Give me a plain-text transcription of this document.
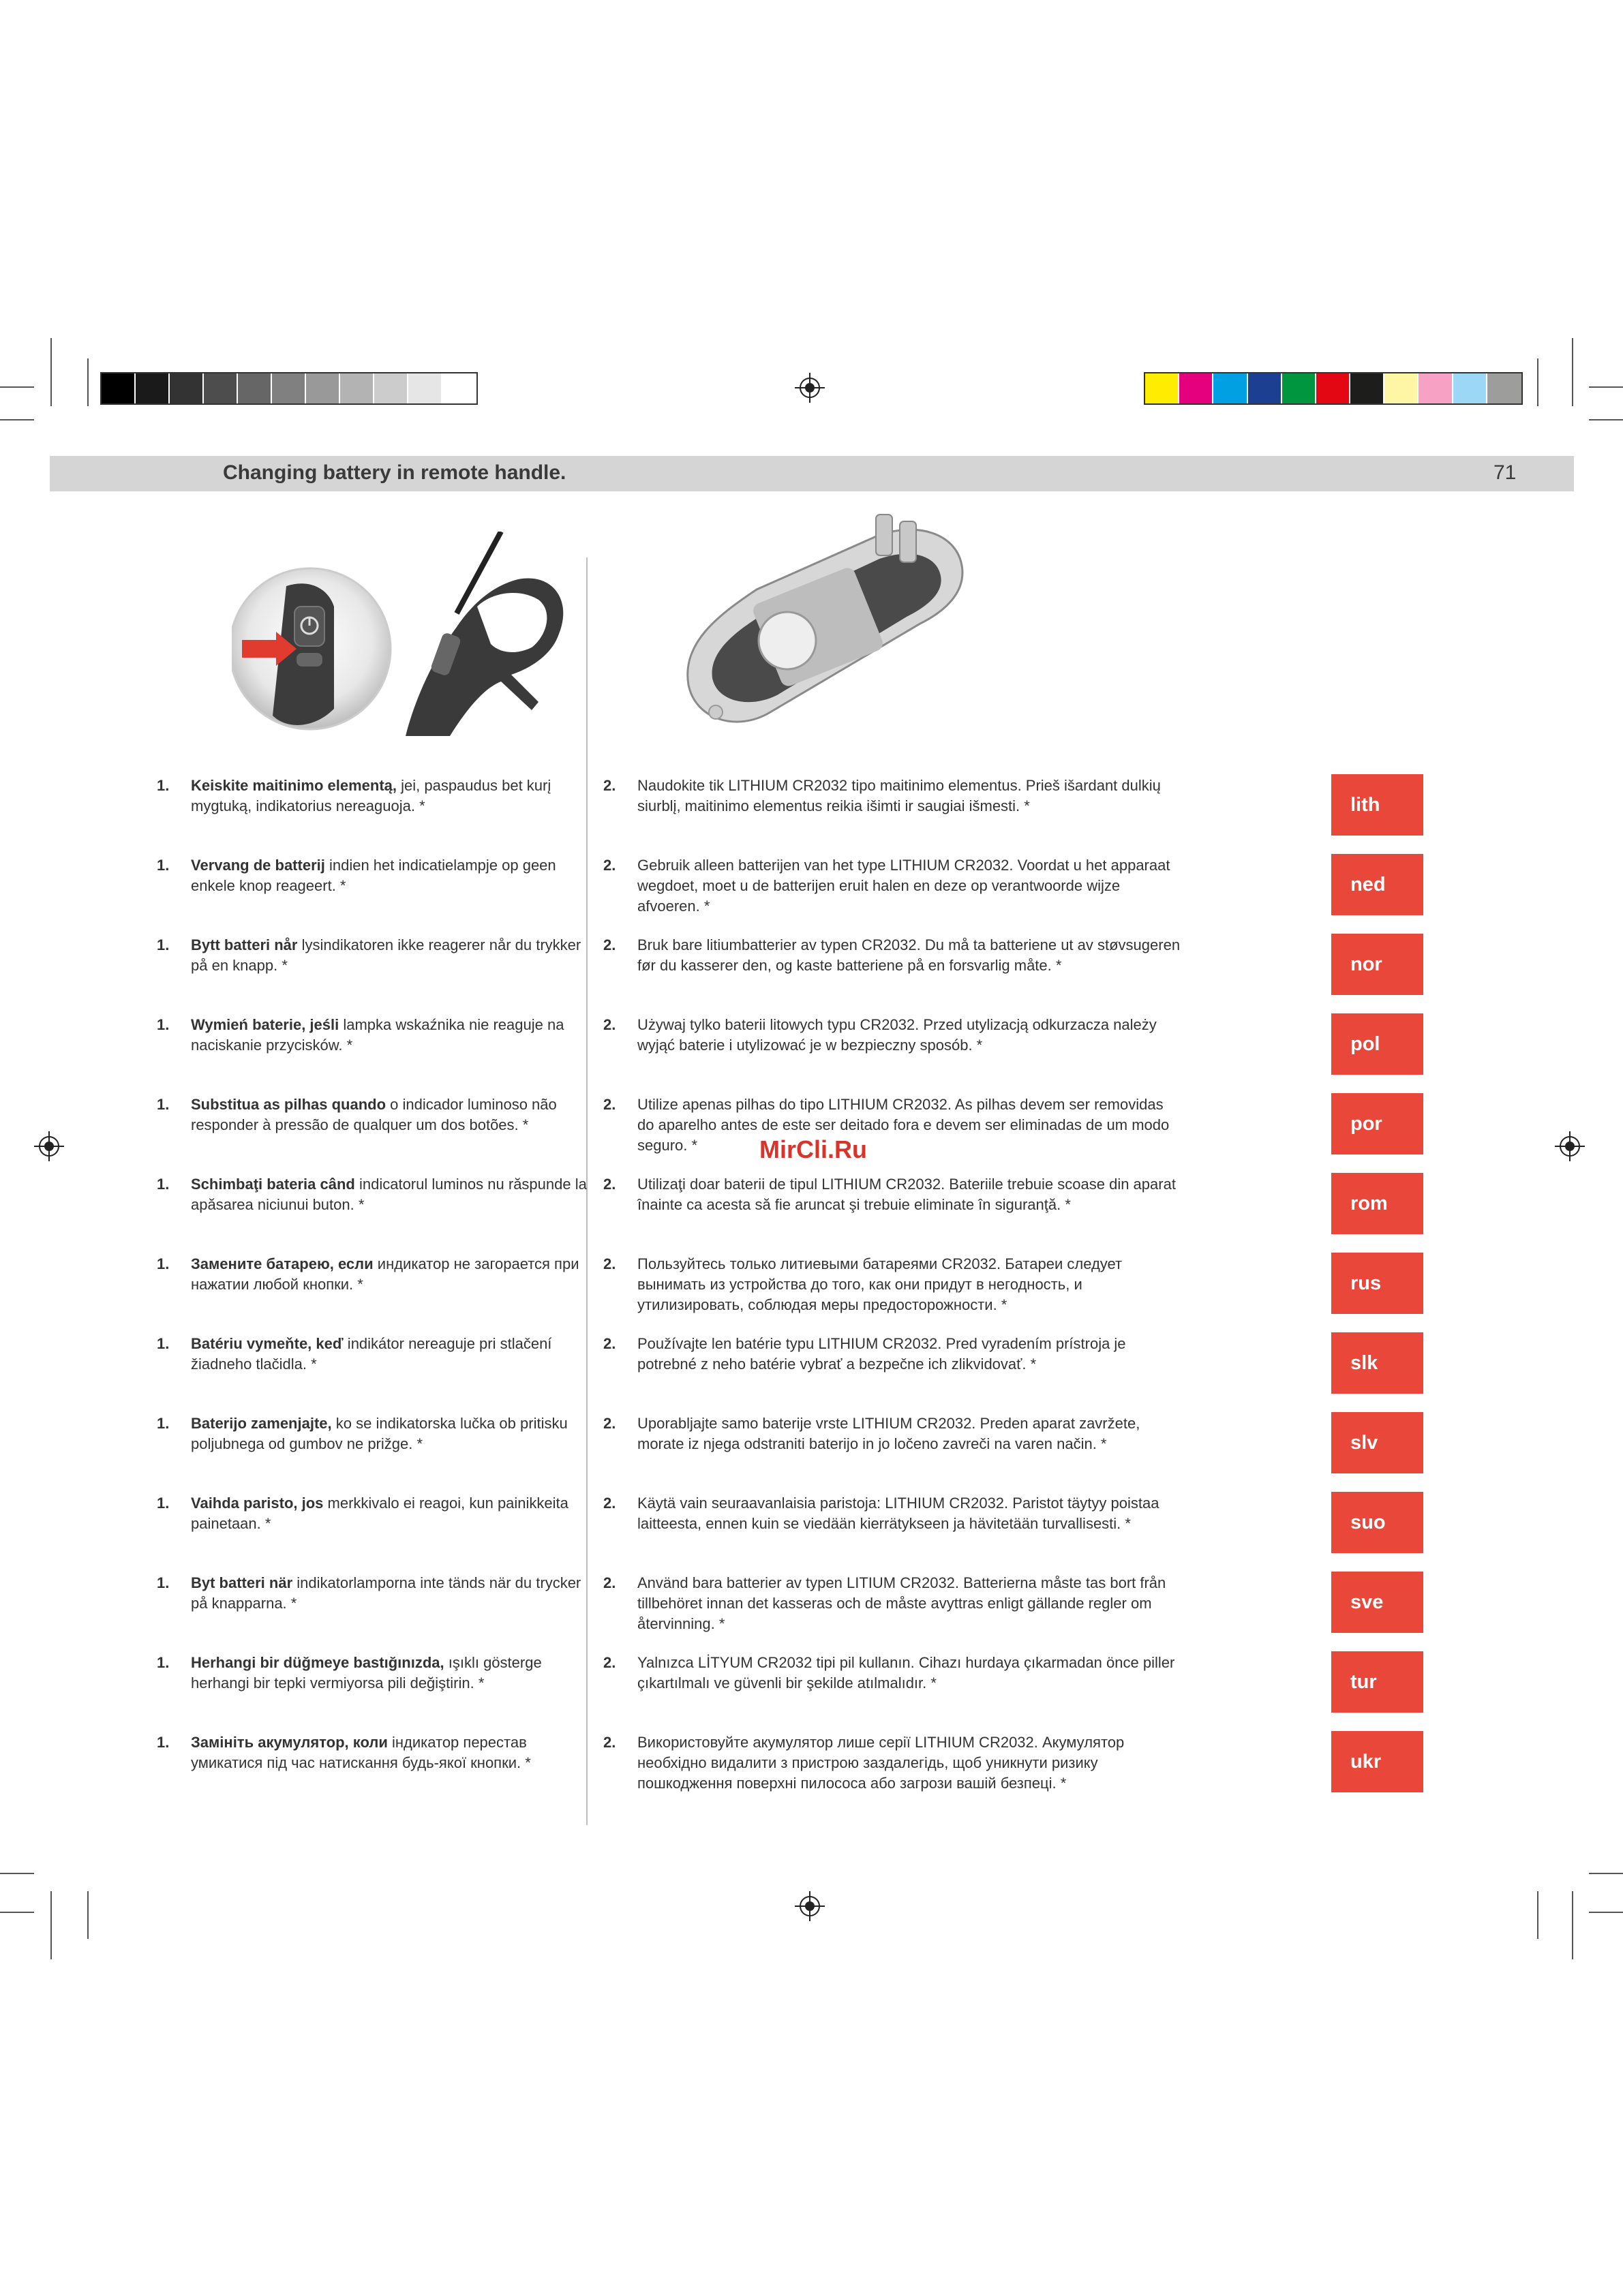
Changing battery in remote handle.	71
MirCli.Ru
1. Keiskite maitinimo elementą, jei, paspaudus bet kurį mygtuką, indikatorius nereaguoja. *
2. Naudokite tik LITHIUM CR2032 tipo maitinimo elementus. Prieš išardant dulkių siurblį, maitinimo elementus reikia išimti ir saugiai išmesti. *	lith
1. Vervang de batterij indien het indicatielampje op geen enkele knop reageert. *
2. Gebruik alleen batterijen van het type LITHIUM CR2032. Voordat u het apparaat wegdoet, moet u de batterijen eruit halen en deze op verantwoorde wijze afvoeren. *
ned
1. Bytt batteri når lysindikatoren ikke reagerer når du trykker på en knapp. *
2. Bruk bare litiumbatterier av typen CR2032. Du må ta batteriene ut av støvsugeren før du kasserer den, og kaste batteriene på en forsvarlig måte. *	nor
1. Wymień baterie, jeśli lampka wskaźnika nie reaguje na naciskanie przycisków. *
2. Używaj tylko baterii litowych typu CR2032. Przed utylizacją odkurzacza należy wyjąć baterie i utylizować je w bezpieczny sposób. *	pol
1. Substitua as pilhas quando o indicador luminoso não responder à pressão de qualquer um dos botões. *
2. Utilize apenas pilhas do tipo LITHIUM CR2032. As pilhas devem ser removidas do aparelho antes de este ser deitado fora e devem ser eliminadas de um modo seguro. *
por
1. Schimbaţi bateria când indicatorul luminos nu răspunde la apăsarea niciunui buton. *
2. Utilizaţi doar baterii de tipul LITHIUM CR2032. Bateriile trebuie scoase din aparat înainte ca acesta să fie aruncat şi trebuie eliminate în siguranţă. *	rom
1. Замените батарею, если индикатор не загорается при нажатии любой кнопки. *
2. Пользуйтесь только литиевыми батареями CR2032. Батареи следует вынимать из устройства до того, как они придут в негодность, и утилизировать, соблюдая меры предосторожности. *
rus
1. Batériu vymeňte, keď indikátor nereaguje pri stlačení žiadneho tlačidla. *
2. Používajte len batérie typu LITHIUM CR2032. Pred vyradením prístroja je potrebné z neho batérie vybrať a bezpečne ich zlikvidovať. *	slk
1. Baterijo zamenjajte, ko se indikatorska lučka ob pritisku poljubnega od gumbov ne prižge. *
2. Uporabljajte samo baterije vrste LITHIUM CR2032. Preden aparat zavržete, morate iz njega odstraniti baterijo in jo ločeno zavreči na varen način. *	slv
1. Vaihda paristo, jos merkkivalo ei reagoi, kun painikkeita painetaan. *
2. Käytä vain seuraavanlaisia paristoja: LITHIUM CR2032. Paristot täytyy poistaa laitteesta, ennen kuin se viedään kierrätykseen ja hävitetään turvallisesti. *	suo
1. Byt batteri när indikatorlamporna inte tänds när du trycker på knapparna. *
2. Använd bara batterier av typen LITIUM CR2032. Batterierna måste tas bort från tillbehöret innan det kasseras och de måste avyttras enligt gällande regler om återvinning. *
sve
1. Herhangi bir düğmeye bastığınızda, ışıklı gösterge herhangi bir tepki vermiyorsa pili değiştirin. *
2. Yalnızca LİTYUM CR2032 tipi pil kullanın. Cihazı hurdaya çıkarmadan önce piller çıkartılmalı ve güvenli bir şekilde atılmalıdır. *	tur
1. Замініть акумулятор, коли індикатор перестав умикатися під час натискання будь-якої кнопки. *
2. Використовуйте акумулятор лише серії LITHIUM CR2032. Акумулятор необхідно видалити з пристрою заздалегідь, щоб уникнути ризику пошкодження поверхні пилососа або загрози вашій безпеці. *
ukr
